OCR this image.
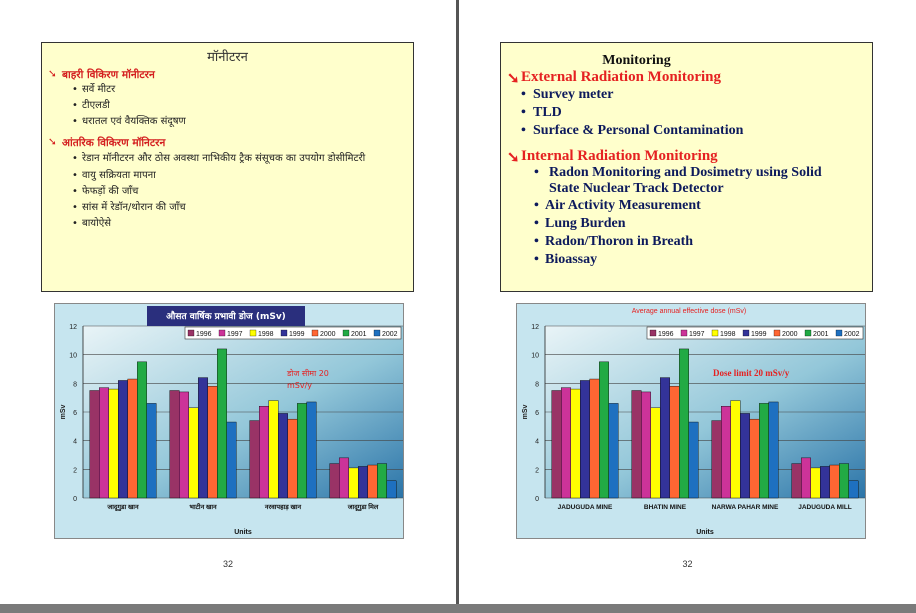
मॉनीटरन
➘ बाहरी विकिरण मॉनीटरन
• सर्वे मीटर
• टीएलडी
• धरातल एवं वैयक्तिक संदूषण
➘ आंतरिक विकिरण मॉनिटरन
• रेडान मॉनीटरन और ठोस अवस्था नाभिकीय ट्रैक संसूचक का उपयोग डोसीमिटरी
• वायु सक्रियता मापना
• फेफड़ों की जाँच
• सांस में रेडॉन/थोरान की जाँच
• बायोऐसे
0
2
4
6
8
10
12
mSv
जादूगुडा खान	भाटीन खान	नरवापहाड़ खान	जादूगुडा मिल
Units
औसत वार्षिक प्रभावी डोज (mSv)
1996 1997 1998 1999 2000 2001 2002
डोज सीमा 20
mSv/y
32
Monitoring
➘ External Radiation Monitoring
• Survey meter
• TLD
• Surface & Personal Contamination
➘ Internal Radiation Monitoring
• Radon Monitoring and Dosimetry using Solid State Nuclear Track Detector
• Air Activity Measurement
• Lung Burden
• Radon/Thoron in Breath
• Bioassay
0
2
4
6
8
10
12
mSv
JADUGUDA MINE	BHATIN MINE	NARWA PAHAR MINE	JADUGUDA MILL
Units
Average annual effective dose (mSv)
1996 1997 1998 1999 2000 2001 2002
Dose limit 20 mSv/y
32
